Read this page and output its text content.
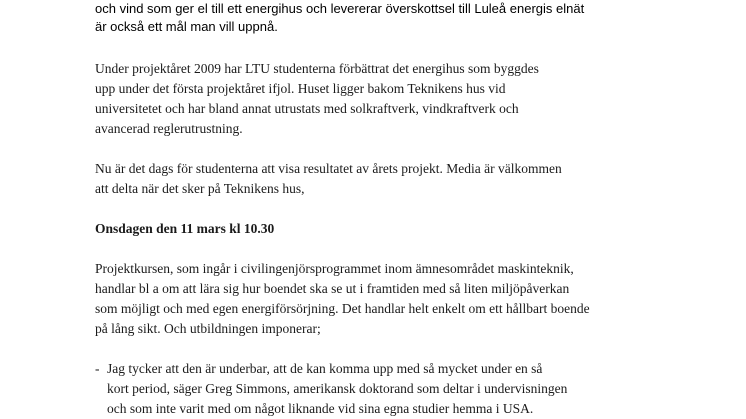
och vind som ger el till ett energihus och levererar överskottsel till Luleå energis elnät

är också ett mål man vill uppnå.

Under projektåret 2009 har LTU studenterna förbättrat det energihus som byggdes

upp under det första projektåret ifjol. Huset ligger bakom Teknikens hus vid

universitetet och har bland annat utrustats med solkraftverk, vindkraftverk och

avancerad reglerutrustning.

Nu är det dags för studenterna att visa resultatet av årets projekt. Media är välkommen

att delta när det sker på Teknikens hus,

Onsdagen den 11 mars kl 10.30

Projektkursen, som ingår i civilingenjörsprogrammet inom ämnesområdet maskinteknik,

handlar bl a om att lära sig hur boendet ska se ut i framtiden med så liten miljöpåverkan

som möjligt och med egen energiförsörjning. Det handlar helt enkelt om ett hållbart boende

på lång sikt. Och utbildningen imponerar;

- Jag tycker att den är underbar, att de kan komma upp med så mycket under en så

kort period, säger Greg Simmons, amerikansk doktorand som deltar i undervisningen

och som inte varit med om något liknande vid sina egna studier hemma i USA.
